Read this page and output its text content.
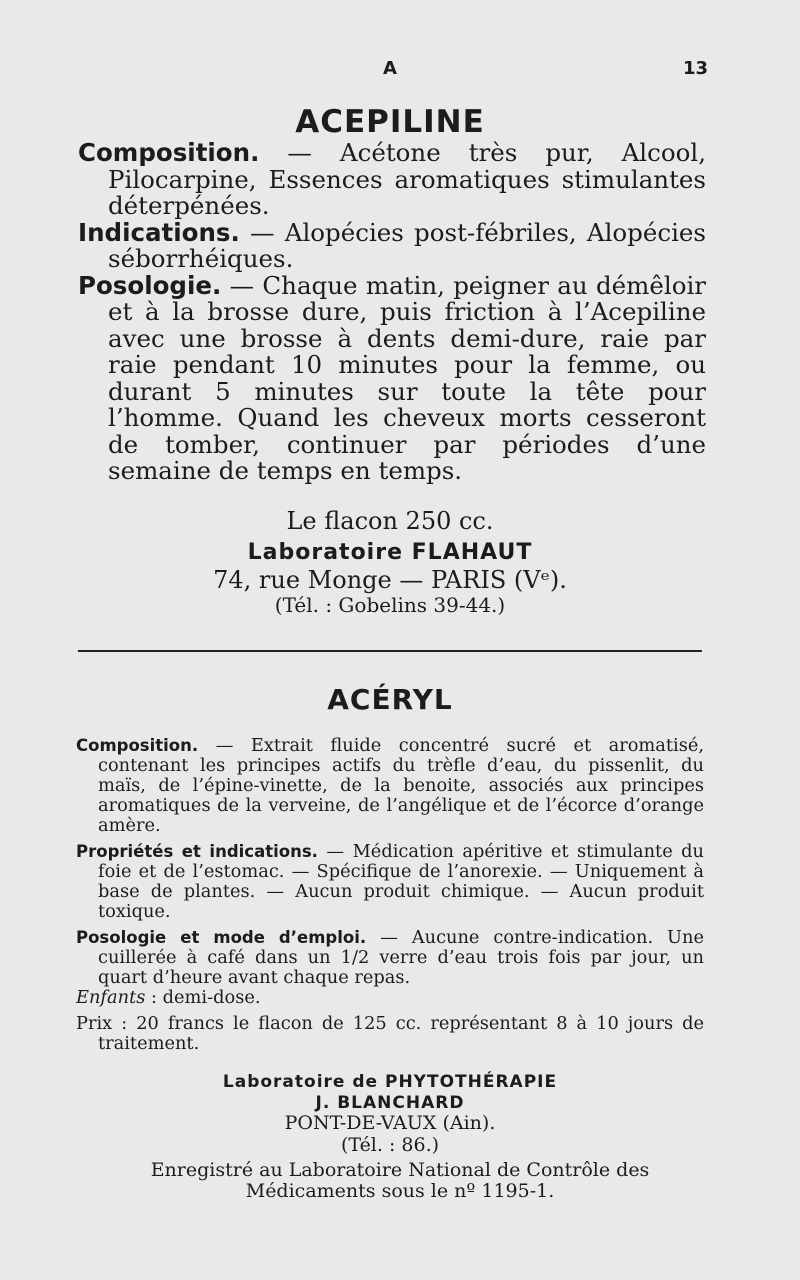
A	13
ACEPILINE

Composition. — Acétone très pur, Alcool, Pilocarpine, Essences aromatiques stimulantes déterpénées.

Indications. — Alopécies post-fébriles, Alopécies séborrhéiques.

Posologie. — Chaque matin, peigner au démêloir et à la brosse dure, puis friction à l’Acepiline avec une brosse à dents demi-dure, raie par raie pendant 10 minutes pour la femme, ou durant 5 minutes sur toute la tête pour l’homme. Quand les cheveux morts cesseront de tomber, continuer par périodes d’une semaine de temps en temps.

Le flacon 250 cc.
Laboratoire FLAHAUT
74, rue Monge — PARIS (Vᵉ).
(Tél. : Gobelins 39-44.)
ACÉRYL

Composition. — Extrait fluide concentré sucré et aromatisé, contenant les principes actifs du trèfle d’eau, du pissenlit, du maïs, de l’épine-vinette, de la benoite, associés aux principes aromatiques de la verveine, de l’angélique et de l’écorce d’orange amère.

Propriétés et indications. — Médication apéritive et stimulante du foie et de l’estomac. — Spécifique de l’anorexie. — Uniquement à base de plantes. — Aucun produit chimique. — Aucun produit toxique.

Posologie et mode d’emploi. — Aucune contre-indication. Une cuillerée à café dans un 1/2 verre d’eau trois fois par jour, un quart d’heure avant chaque repas.

Enfants : demi-dose.

Prix : 20 francs le flacon de 125 cc. représentant 8 à 10 jours de traitement.

Laboratoire de PHYTOTHÉRAPIE
J. BLANCHARD
PONT-DE-VAUX (Ain).
(Tél. : 86.)
Enregistré au Laboratoire National de Contrôle des Médicaments sous le nº 1195-1.
